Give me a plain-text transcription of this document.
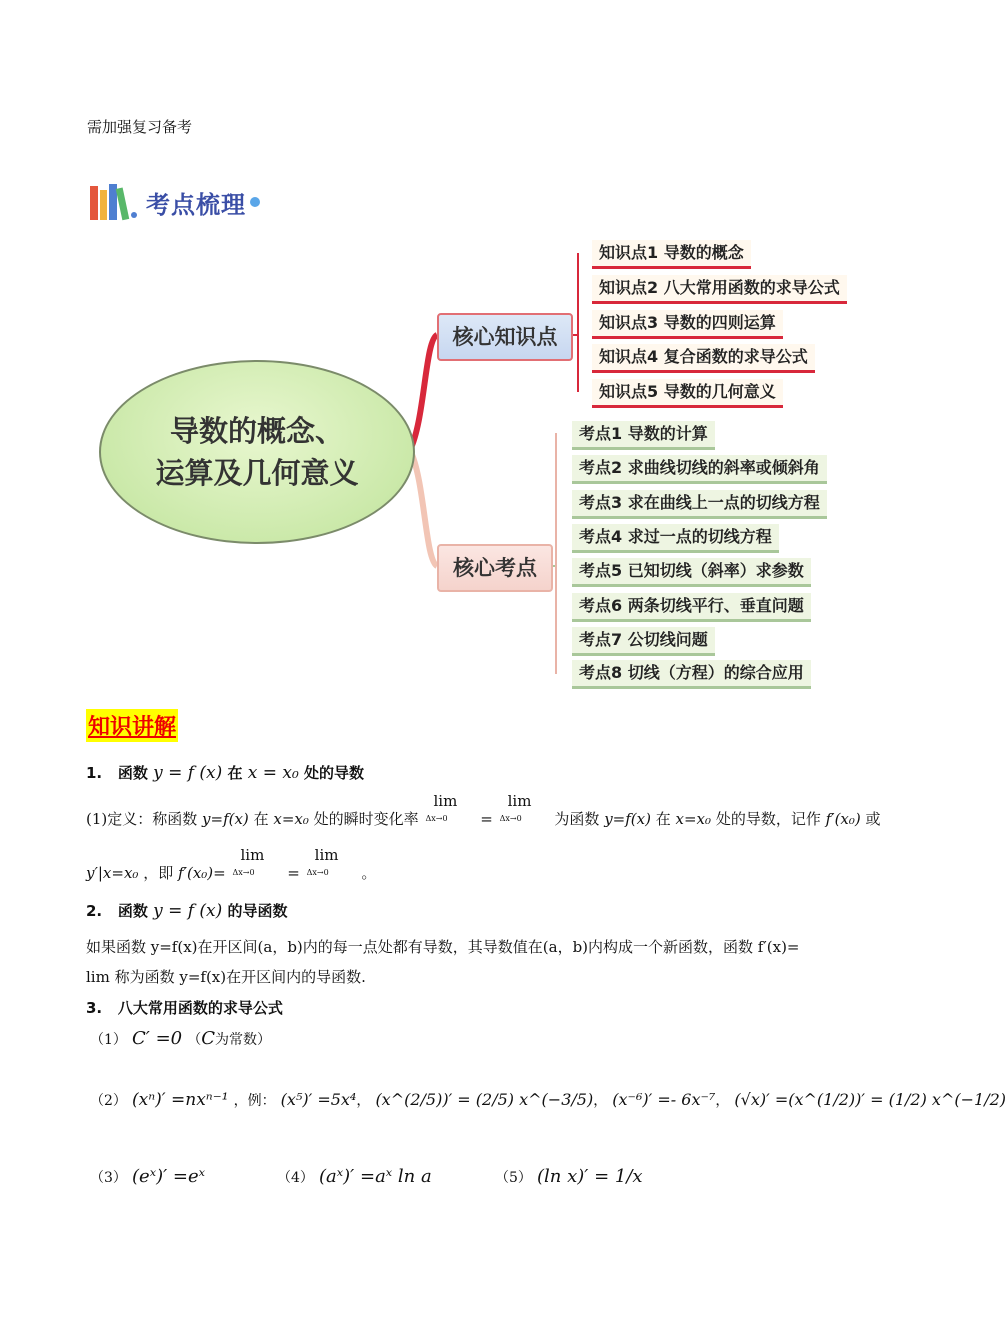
需加强复习备考
考点梳理
导数的概念、
运算及几何意义
核心知识点
核心考点
知识点1 导数的概念
知识点2 八大常用函数的求导公式
知识点3 导数的四则运算
知识点4 复合函数的求导公式
知识点5 导数的几何意义
考点1 导数的计算
考点2 求曲线切线的斜率或倾斜角
考点3 求在曲线上一点的切线方程
考点4 求过一点的切线方程
考点5 已知切线（斜率）求参数
考点6 两条切线平行、垂直问题
考点7 公切线问题
考点8 切线（方程）的综合应用
知识讲解
1. 函数 y = f (x) 在 x = x₀ 处的导数
(1)定义：称函数 y=f(x) 在 x=x₀ 处的瞬时变化率
lim
Δx→0 =
lim
Δx→0 为函数 y=f(x) 在 x=x₀ 处的导数，记作 f′(x₀) 或
y′|x=x₀ ，即 f′(x₀)=
lim
Δx→0 =
lim
Δx→0 。
2. 函数 y = f (x) 的导函数
如果函数 y=f(x)在开区间(a，b)内的每一点处都有导数，其导数值在(a，b)内构成一个新函数，函数 f′(x)=
lim 称为函数 y=f(x)在开区间内的导函数.
3. 八大常用函数的求导公式
（1） C′ =0 （C为常数）
（2） (xⁿ)′ =nxⁿ⁻¹ ，例： (x⁵)′ =5x⁴， (x^(2/5))′ = (2/5) x^(−3/5)， (x⁻⁶)′ =- 6x⁻⁷， (√x)′ =(x^(1/2))′ = (1/2) x^(−1/2)
（3） (eˣ)′ =eˣ	（4） (aˣ)′ =aˣ ln a	（5） (ln x)′ = 1/x
